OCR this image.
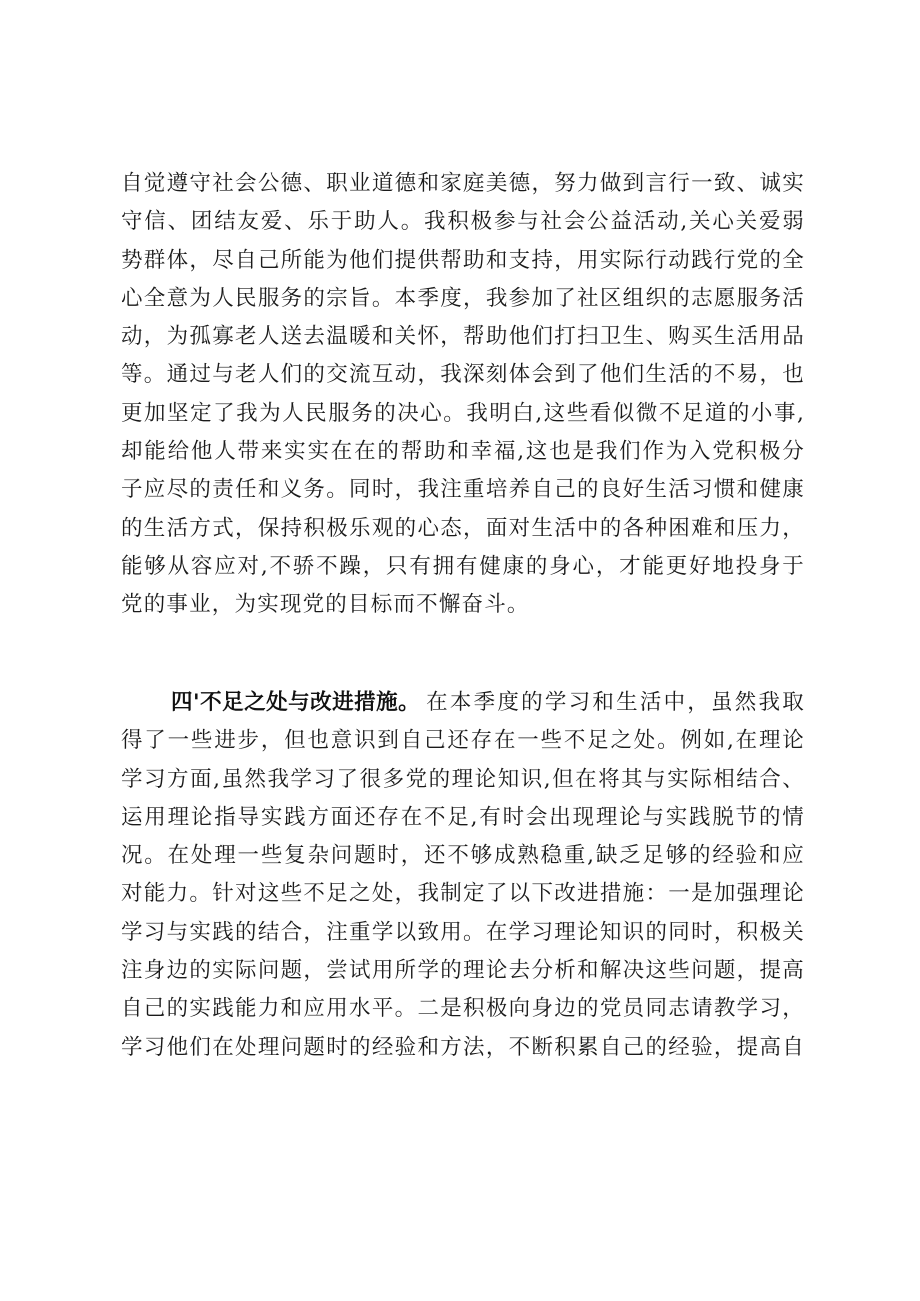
自觉遵守社会公德、职业道德和家庭美德，努力做到言行一致、诚实
守信、团结友爱、乐于助人。我积极参与社会公益活动,关心关爱弱
势群体，尽自己所能为他们提供帮助和支持，用实际行动践行党的全
心全意为人民服务的宗旨。本季度，我参加了社区组织的志愿服务活
动，为孤寡老人送去温暖和关怀，帮助他们打扫卫生、购买生活用品
等。通过与老人们的交流互动，我深刻体会到了他们生活的不易，也
更加坚定了我为人民服务的决心。我明白,这些看似微不足道的小事,
却能给他人带来实实在在的帮助和幸福,这也是我们作为入党积极分
子应尽的责任和义务。同时，我注重培养自己的良好生活习惯和健康
的生活方式，保持积极乐观的心态，面对生活中的各种困难和压力，
能够从容应对,不骄不躁，只有拥有健康的身心，才能更好地投身于
党的事业，为实现党的目标而不懈奋斗。
四'不足之处与改进措施。 在本季度的学习和生活中，虽然我取
得了一些进步，但也意识到自己还存在一些不足之处。例如,在理论
学习方面,虽然我学习了很多党的理论知识,但在将其与实际相结合、
运用理论指导实践方面还存在不足,有时会出现理论与实践脱节的情
况。在处理一些复杂问题时，还不够成熟稳重,缺乏足够的经验和应
对能力。针对这些不足之处，我制定了以下改进措施：一是加强理论
学习与实践的结合，注重学以致用。在学习理论知识的同时，积极关
注身边的实际问题，尝试用所学的理论去分析和解决这些问题，提高
自己的实践能力和应用水平。二是积极向身边的党员同志请教学习，
学习他们在处理问题时的经验和方法，不断积累自己的经验，提高自
